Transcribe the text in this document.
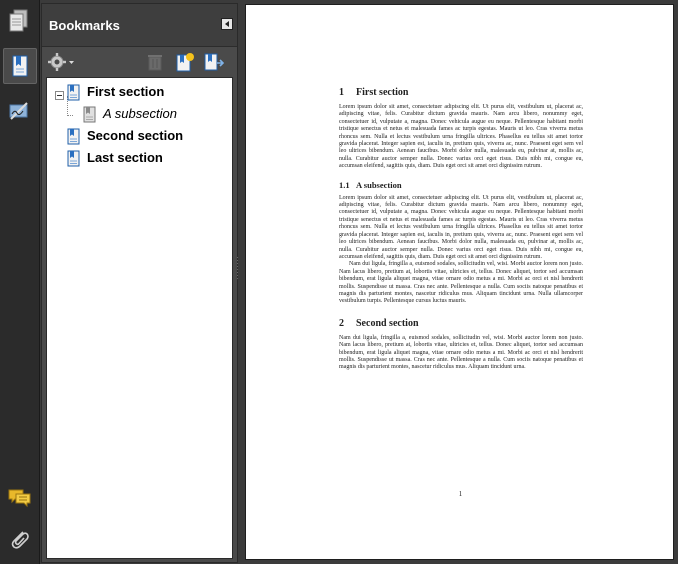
Bookmarks
First section
A subsection
Second section
Last section
1 First section

Lorem ipsum dolor sit amet, consectetuer adipiscing elit. Ut purus elit, vestibulum ut, placerat ac, adipiscing vitae, felis. Curabitur dictum gravida mauris. Nam arcu libero, nonummy eget, consectetuer id, vulputate a, magna. Donec vehicula augue eu neque. Pellentesque habitant morbi tristique senectus et netus et malesuada fames ac turpis egestas. Mauris ut leo. Cras viverra metus rhoncus sem. Nulla et lectus vestibulum urna fringilla ultrices. Phasellus eu tellus sit amet tortor gravida placerat. Integer sapien est, iaculis in, pretium quis, viverra ac, nunc. Praesent eget sem vel leo ultrices bibendum. Aenean faucibus. Morbi dolor nulla, malesuada eu, pulvinar at, mollis ac, nulla. Curabitur auctor semper nulla. Donec varius orci eget risus. Duis nibh mi, congue eu, accumsan eleifend, sagittis quis, diam. Duis eget orci sit amet orci dignissim rutrum.

1.1 A subsection

Lorem ipsum dolor sit amet, consectetuer adipiscing elit. Ut purus elit, vestibulum ut, placerat ac, adipiscing vitae, felis. Curabitur dictum gravida mauris. Nam arcu libero, nonummy eget, consectetuer id, vulputate a, magna. Donec vehicula augue eu neque. Pellentesque habitant morbi tristique senectus et netus et malesuada fames ac turpis egestas. Mauris ut leo. Cras viverra metus rhoncus sem. Nulla et lectus vestibulum urna fringilla ultrices. Phasellus eu tellus sit amet tortor gravida placerat. Integer sapien est, iaculis in, pretium quis, viverra ac, nunc. Praesent eget sem vel leo ultrices bibendum. Aenean faucibus. Morbi dolor nulla, malesuada eu, pulvinar at, mollis ac, nulla. Curabitur auctor semper nulla. Donec varius orci eget risus. Duis nibh mi, congue eu, accumsan eleifend, sagittis quis, diam. Duis eget orci sit amet orci dignissim rutrum.

Nam dui ligula, fringilla a, euismod sodales, sollicitudin vel, wisi. Morbi auctor lorem non justo. Nam lacus libero, pretium at, lobortis vitae, ultricies et, tellus. Donec aliquet, tortor sed accumsan bibendum, erat ligula aliquet magna, vitae ornare odio metus a mi. Morbi ac orci et nisl hendrerit mollis. Suspendisse ut massa. Cras nec ante. Pellentesque a nulla. Cum sociis natoque penatibus et magnis dis parturient montes, nascetur ridiculus mus. Aliquam tincidunt urna. Nulla ullamcorper vestibulum turpis. Pellentesque cursus luctus mauris.

2 Second section

Nam dui ligula, fringilla a, euismod sodales, sollicitudin vel, wisi. Morbi auctor lorem non justo. Nam lacus libero, pretium at, lobortis vitae, ultricies et, tellus. Donec aliquet, tortor sed accumsan bibendum, erat ligula aliquet magna, vitae ornare odio metus a mi. Morbi ac orci et nisl hendrerit mollis. Suspendisse ut massa. Cras nec ante. Pellentesque a nulla. Cum sociis natoque penatibus et magnis dis parturient montes, nascetur ridiculus mus. Aliquam tincidunt urna.

1
